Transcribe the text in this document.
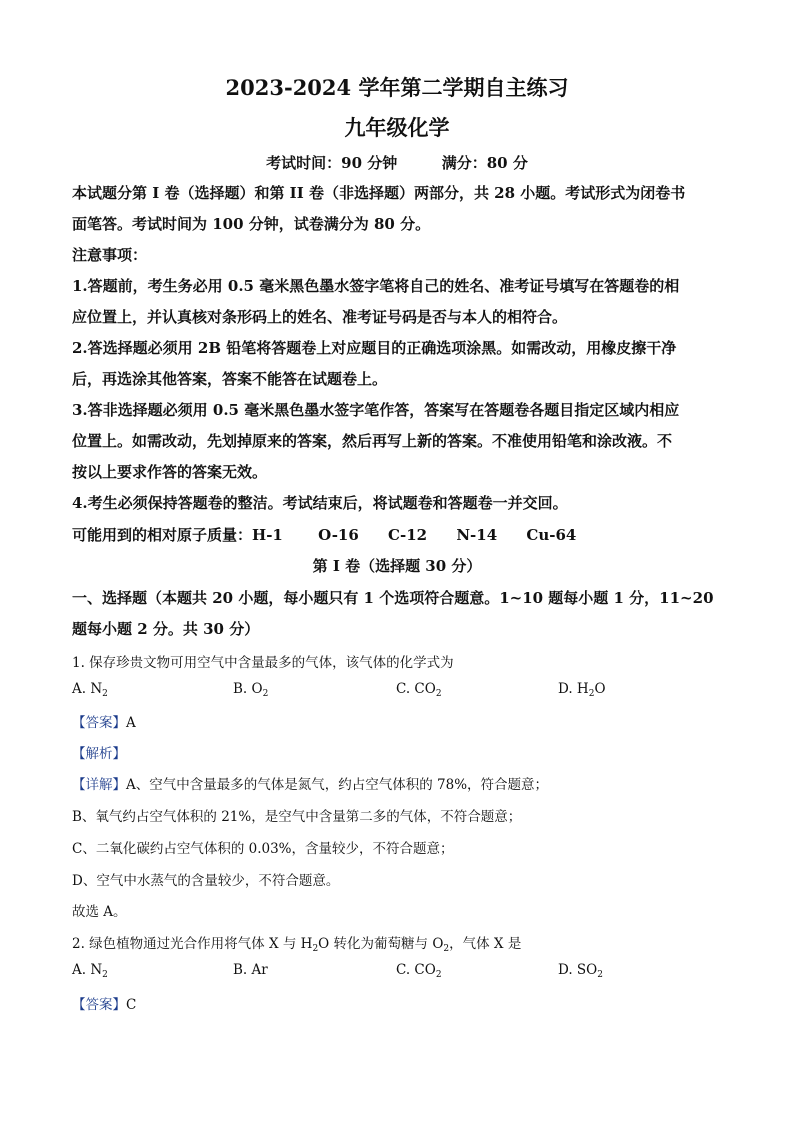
2023-2024 学年第二学期自主练习
九年级化学
考试时间：90 分钟	满分：80 分
本试题分第 I 卷（选择题）和第 II 卷（非选择题）两部分，共 28 小题。考试形式为闭卷书
面笔答。考试时间为 100 分钟，试卷满分为 80 分。
注意事项：
1.答题前，考生务必用 0.5 毫米黑色墨水签字笔将自己的姓名、准考证号填写在答题卷的相
应位置上，并认真核对条形码上的姓名、准考证号码是否与本人的相符合。
2.答选择题必须用 2B 铅笔将答题卷上对应题目的正确选项涂黑。如需改动，用橡皮擦干净
后，再选涂其他答案，答案不能答在试题卷上。
3.答非选择题必须用 0.5 毫米黑色墨水签字笔作答，答案写在答题卷各题目指定区域内相应
位置上。如需改动，先划掉原来的答案，然后再写上新的答案。不准使用铅笔和涂改液。不
按以上要求作答的答案无效。
4.考生必须保持答题卷的整洁。考试结束后，将试题卷和答题卷一并交回。
可能用到的相对原子质量：H-1 O-16 C-12 N-14 Cu-64
第 I 卷（选择题 30 分）
一、选择题（本题共 20 小题，每小题只有 1 个选项符合题意。1~10 题每小题 1 分，11~20
题每小题 2 分。共 30 分）
1. 保存珍贵文物可用空气中含量最多的气体，该气体的化学式为
A. $N_2$	B. $O_2$	C. $CO_2$	D. $H_2O$
【答案】A
【解析】
【详解】A、空气中含量最多的气体是氮气，约占空气体积的 78%，符合题意；
B、氧气约占空气体积的 21%，是空气中含量第二多的气体，不符合题意；
C、二氧化碳约占空气体积的 0.03%，含量较少，不符合题意；
D、空气中水蒸气的含量较少，不符合题意。
故选 A。
2. 绿色植物通过光合作用将气体 X 与 $H_2O$ 转化为葡萄糖与 $O_2$，气体 X 是
A. $N_2$	B. Ar	C. $CO_2$	D. $SO_2$
【答案】C
